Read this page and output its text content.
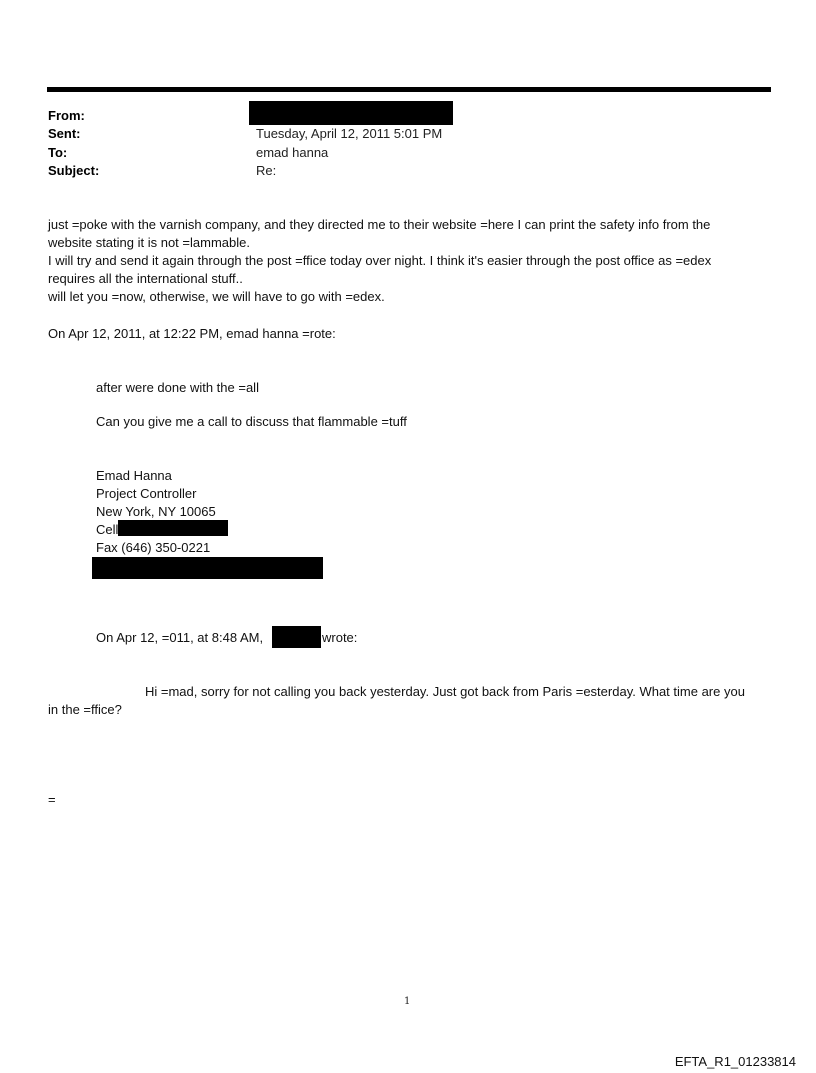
From:
Sent:	Tuesday, April 12, 2011 5:01 PM
To:	emad hanna
Subject:	Re:
just =poke with the varnish company, and they directed me to their website =here I can print the safety info from the
website stating it is not =lammable.
I will try and send it again through the post =ffice today over night. I think it's easier through the post office as =edex
requires all the international stuff..
will let you =now, otherwise, we will have to go with =edex.
On Apr 12, 2011, at 12:22 PM, emad hanna =rote:
after were done with the =all
Can you give me a call to discuss that flammable =tuff
Emad Hanna
Project Controller
New York, NY 10065
Cell
Fax (646) 350-0221
On Apr 12, =011, at 8:48 AM,	wrote:
Hi =mad, sorry for not calling you back yesterday. Just got back from Paris =esterday. What time are you
in the =ffice?
=
1
EFTA_R1_01233814
